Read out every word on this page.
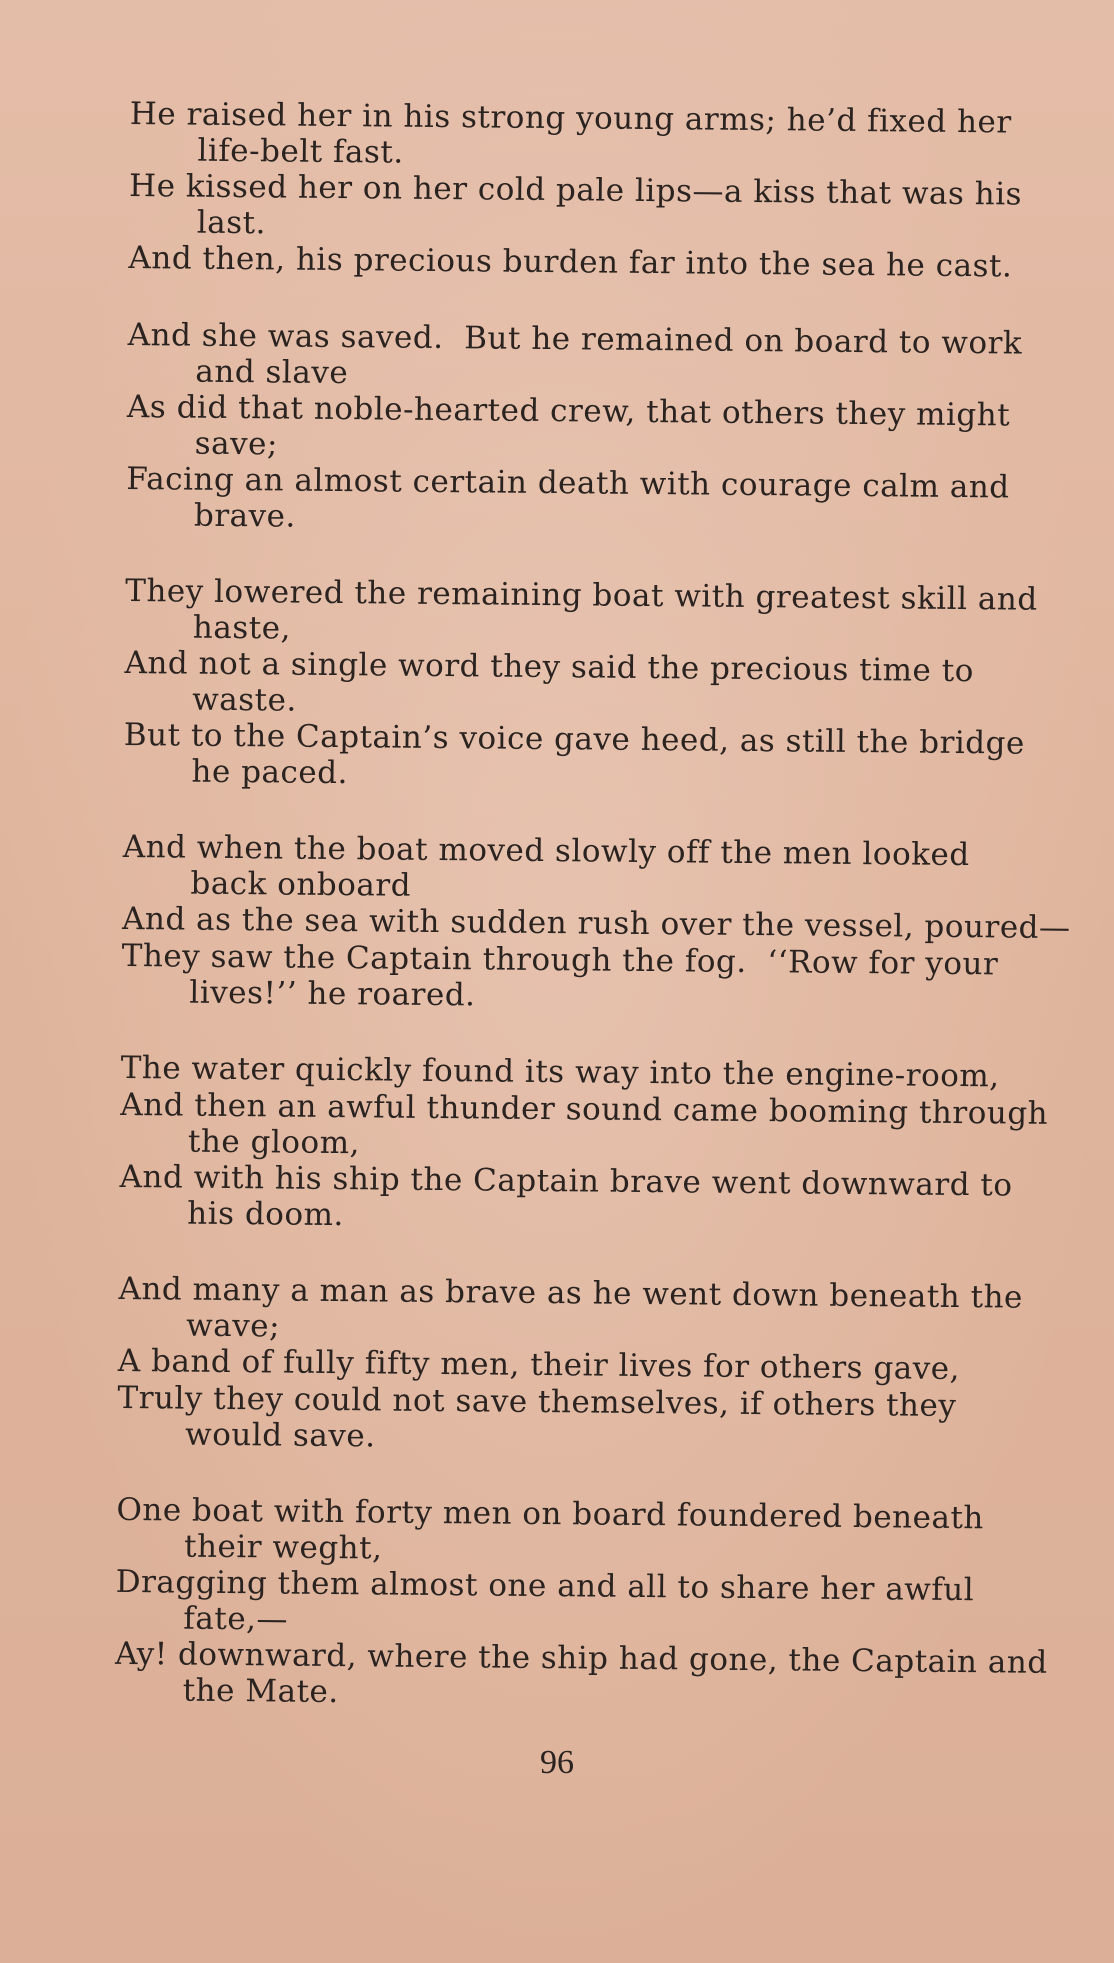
He raised her in his strong young arms; he’d fixed her
life-belt fast.
He kissed her on her cold pale lips—a kiss that was his
last.
And then, his precious burden far into the sea he cast.
And she was saved.  But he remained on board to work
and slave
As did that noble-hearted crew, that others they might
save;
Facing an almost certain death with courage calm and
brave.
They lowered the remaining boat with greatest skill and
haste,
And not a single word they said the precious time to
waste.
But to the Captain’s voice gave heed, as still the bridge
he paced.
And when the boat moved slowly off the men looked
back onboard
And as the sea with sudden rush over the vessel, poured—
They saw the Captain through the fog.  ‘‘Row for your
lives!’’ he roared.
The water quickly found its way into the engine-room,
And then an awful thunder sound came booming through
the gloom,
And with his ship the Captain brave went downward to
his doom.
And many a man as brave as he went down beneath the
wave;
A band of fully fifty men, their lives for others gave,
Truly they could not save themselves, if others they
would save.
One boat with forty men on board foundered beneath
their weght,
Dragging them almost one and all to share her awful
fate,—
Ay! downward, where the ship had gone, the Captain and
the Mate.
96
